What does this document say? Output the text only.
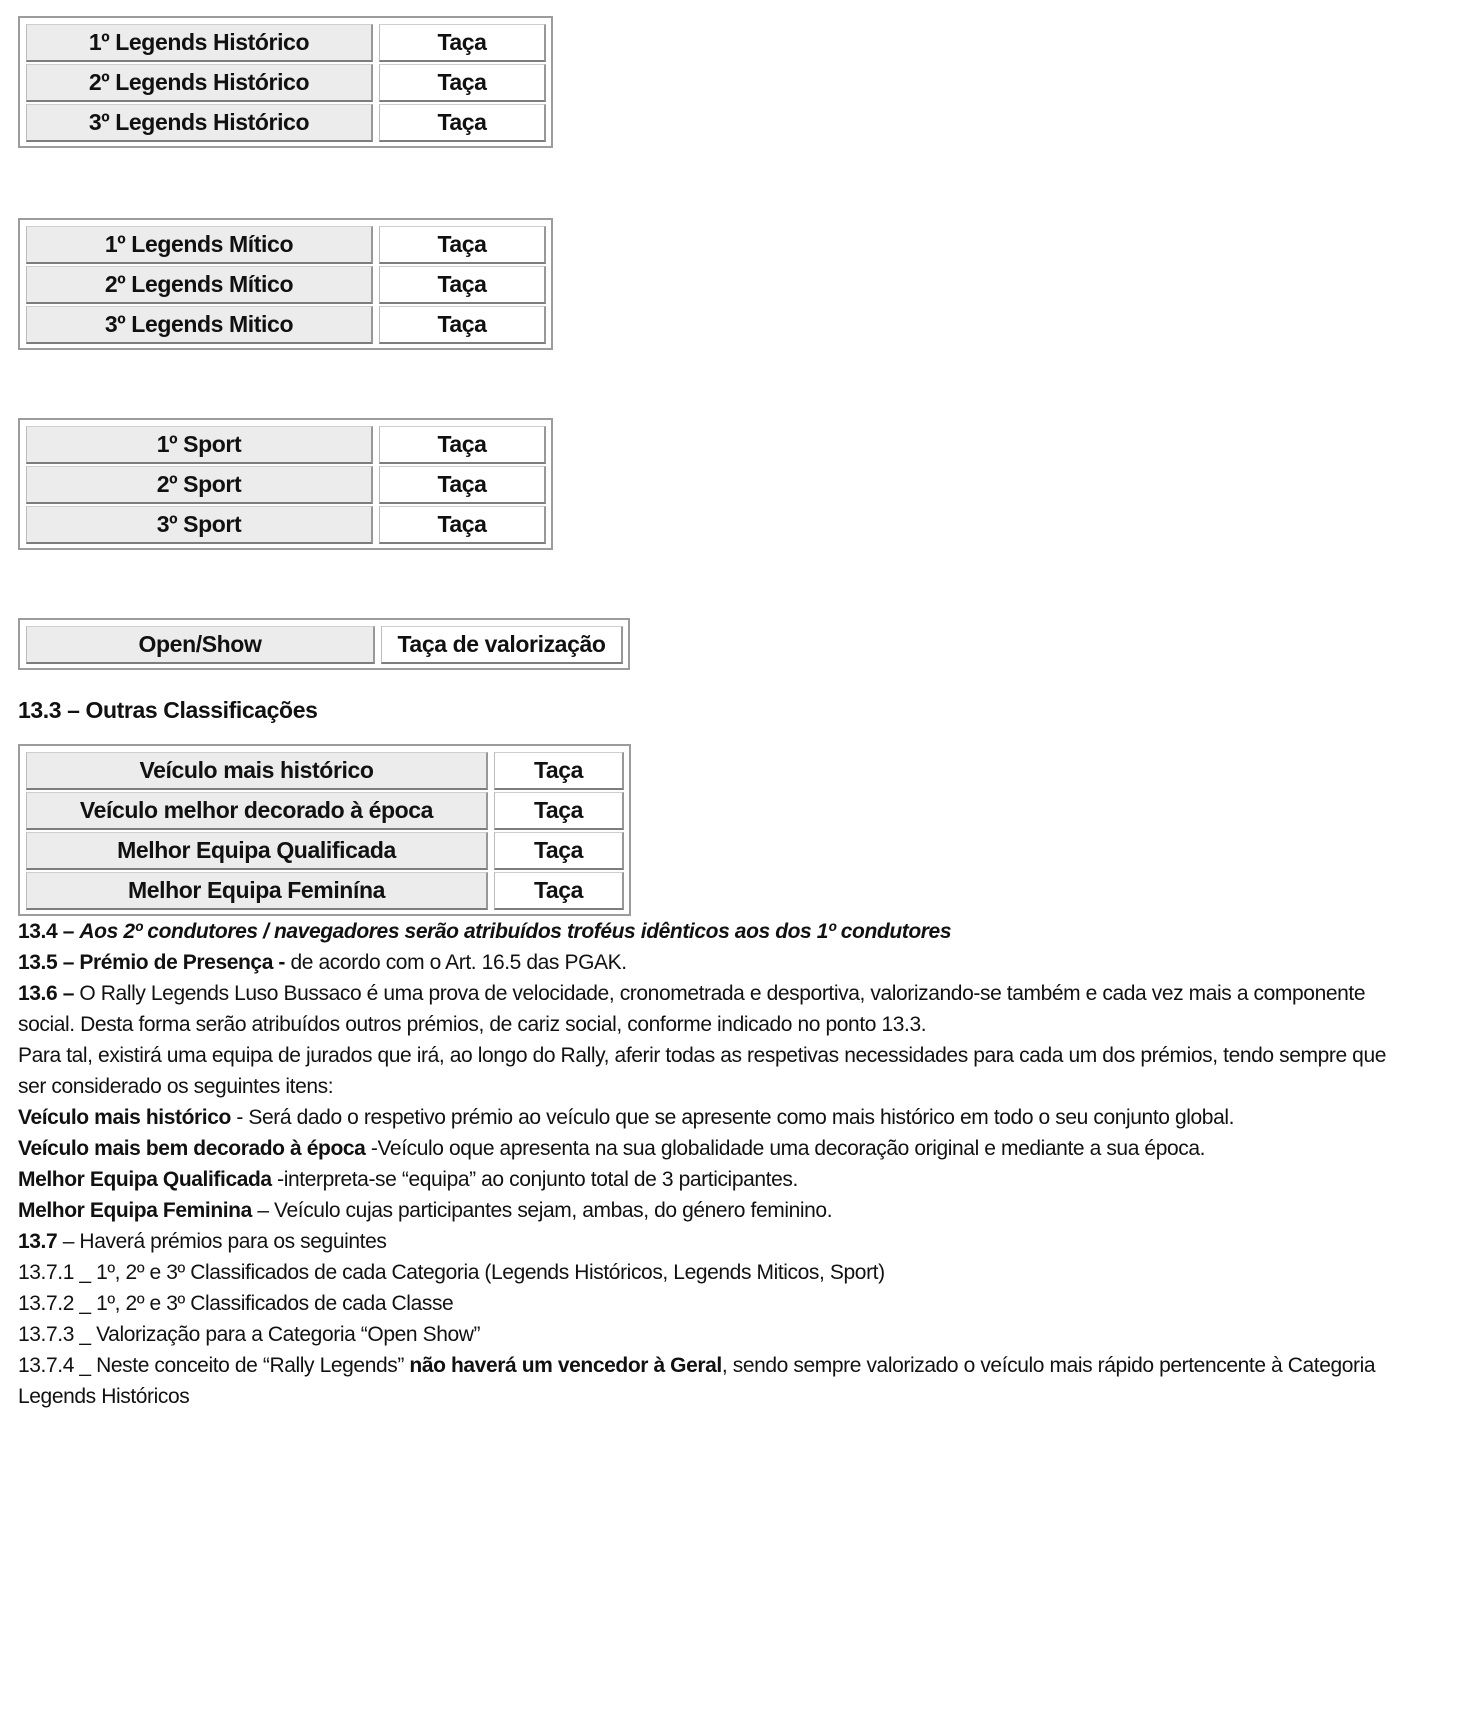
1º Legends Histórico	Taça
2º Legends Histórico	Taça
3º Legends Histórico	Taça
1º Legends Mítico	Taça
2º Legends Mítico	Taça
3º Legends Mitico	Taça
1º Sport	Taça
2º Sport	Taça
3º Sport	Taça
Open/Show	Taça de valorização
13.3 – Outras Classificações
Veículo mais histórico	Taça
Veículo melhor decorado à época	Taça
Melhor Equipa Qualificada	Taça
Melhor Equipa Feminína	Taça

13.4 – Aos 2º condutores / navegadores serão atribuídos troféus idênticos aos dos 1º condutores

13.5 – Prémio de Presença - de acordo com o Art. 16.5 das PGAK.

13.6 – O Rally Legends Luso Bussaco é uma prova de velocidade, cronometrada e desportiva, valorizando-se também e cada vez mais a componente
social. Desta forma serão atribuídos outros prémios, de cariz social, conforme indicado no ponto 13.3.

Para tal, existirá uma equipa de jurados que irá, ao longo do Rally, aferir todas as respetivas necessidades para cada um dos prémios, tendo sempre que
ser considerado os seguintes itens:

Veículo mais histórico - Será dado o respetivo prémio ao veículo que se apresente como mais histórico em todo o seu conjunto global.

Veículo mais bem decorado à época -Veículo oque apresenta na sua globalidade uma decoração original e mediante a sua época.

Melhor Equipa Qualificada -interpreta-se “equipa” ao conjunto total de 3 participantes.

Melhor Equipa Feminina – Veículo cujas participantes sejam, ambas, do género feminino.

13.7 – Haverá prémios para os seguintes

13.7.1 _ 1º, 2º e 3º Classificados de cada Categoria (Legends Históricos, Legends Miticos, Sport)

13.7.2 _ 1º, 2º e 3º Classificados de cada Classe

13.7.3 _ Valorização para a Categoria “Open Show”

13.7.4 _ Neste conceito de “Rally Legends” não haverá um vencedor à Geral, sendo sempre valorizado o veículo mais rápido pertencente à Categoria
Legends Históricos
